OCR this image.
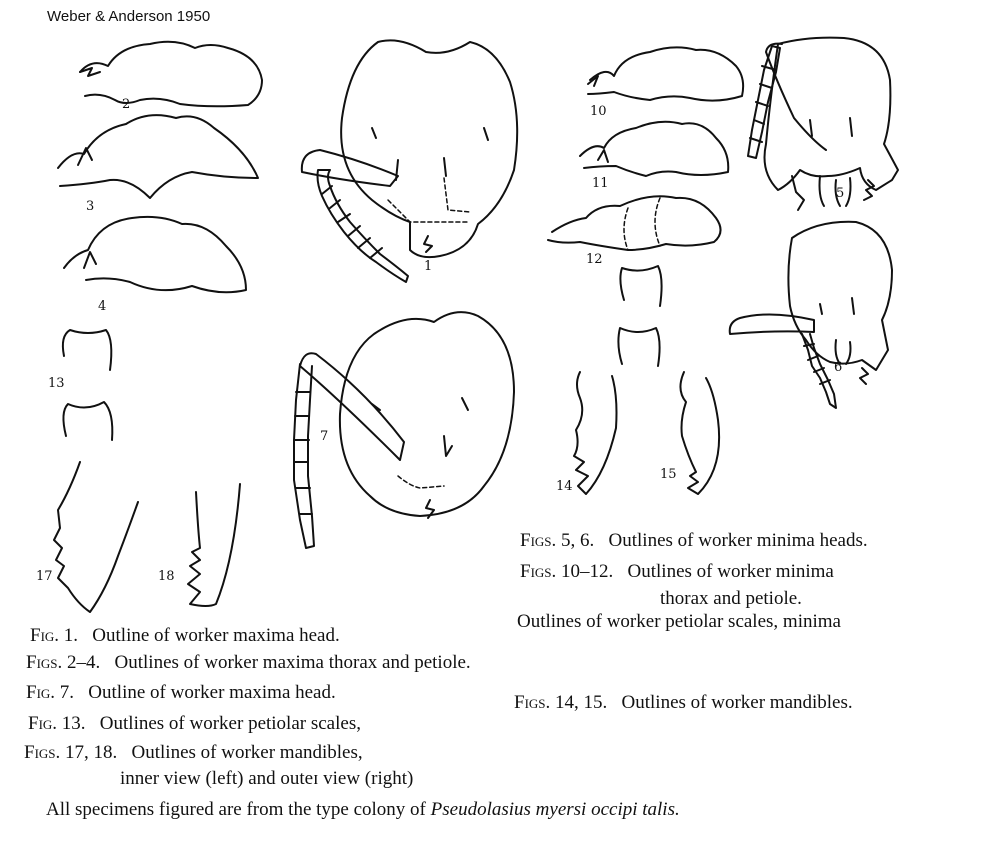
Weber & Anderson 1950
2
3
4
13
17	18
1
7
10
11
12
5
6
14
15
Figs. 5, 6. Outlines of worker minima heads.
Figs. 10–12. Outlines of worker minima
thorax and petiole.
Outlines of worker petiolar scales, minima
Fig. 1. Outline of worker maxima head.
Figs. 2–4. Outlines of worker maxima thorax and petiole.
Fig. 7. Outline of worker maxima head.	Figs. 14, 15. Outlines of worker mandibles.
Fig. 13. Outlines of worker petiolar scales,
Figs. 17, 18. Outlines of worker mandibles,
inner view (left) and outeɪ view (right)
All specimens figured are from the type colony of Pseudolasius myersi occipi talis.
